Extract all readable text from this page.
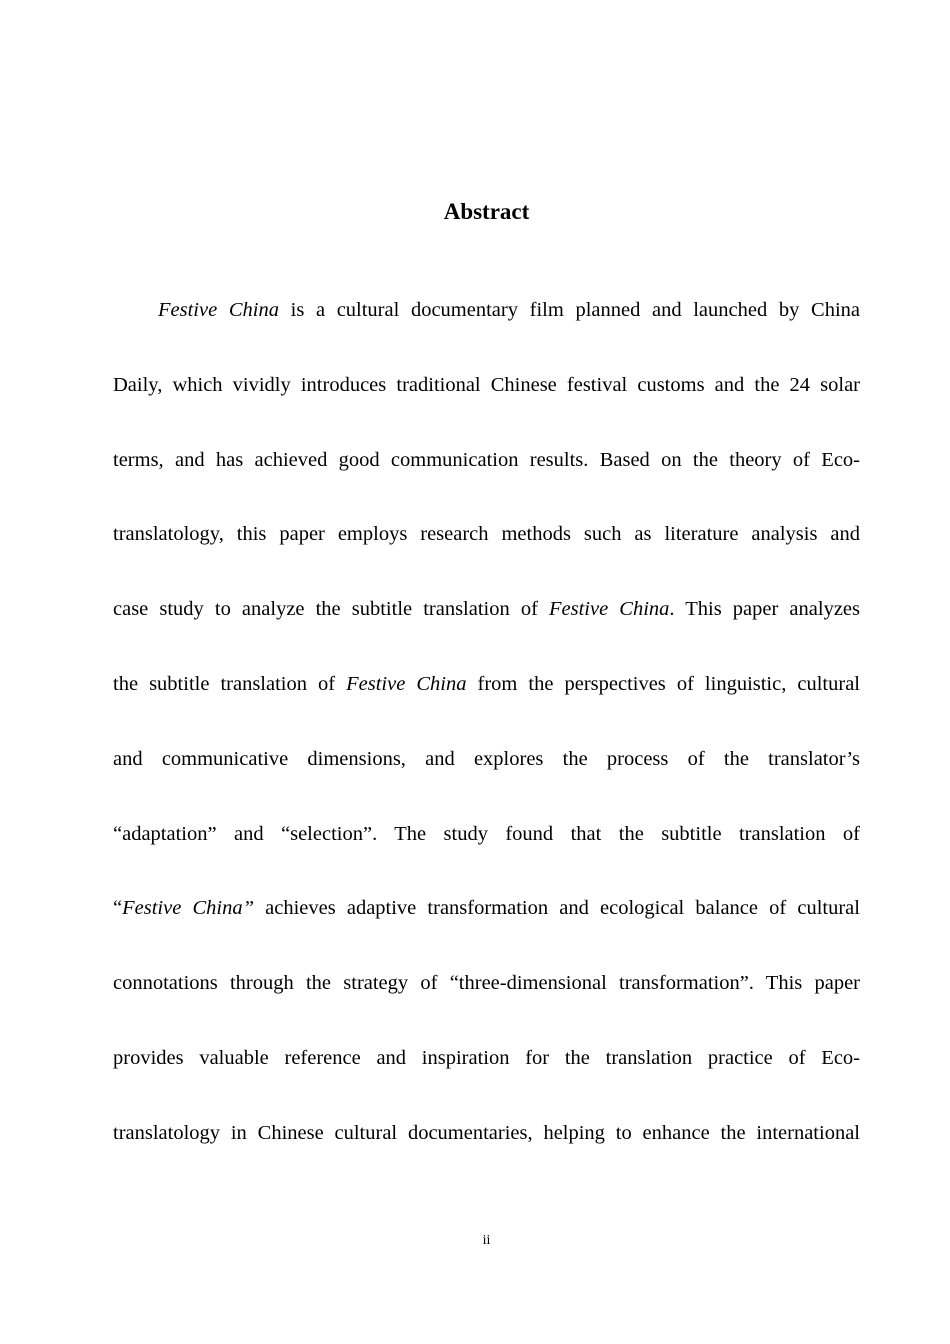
Abstract
Festive China is a cultural documentary film planned and launched by China
Daily, which vividly introduces traditional Chinese festival customs and the 24 solar
terms, and has achieved good communication results. Based on the theory of Eco-
translatology, this paper employs research methods such as literature analysis and
case study to analyze the subtitle translation of Festive China. This paper analyzes
the subtitle translation of Festive China from the perspectives of linguistic, cultural
and communicative dimensions, and explores the process of the translator’s
“adaptation” and “selection”. The study found that the subtitle translation of
“Festive China” achieves adaptive transformation and ecological balance of cultural
connotations through the strategy of “three-dimensional transformation”. This paper
provides valuable reference and inspiration for the translation practice of Eco-
translatology in Chinese cultural documentaries, helping to enhance the international
ii
